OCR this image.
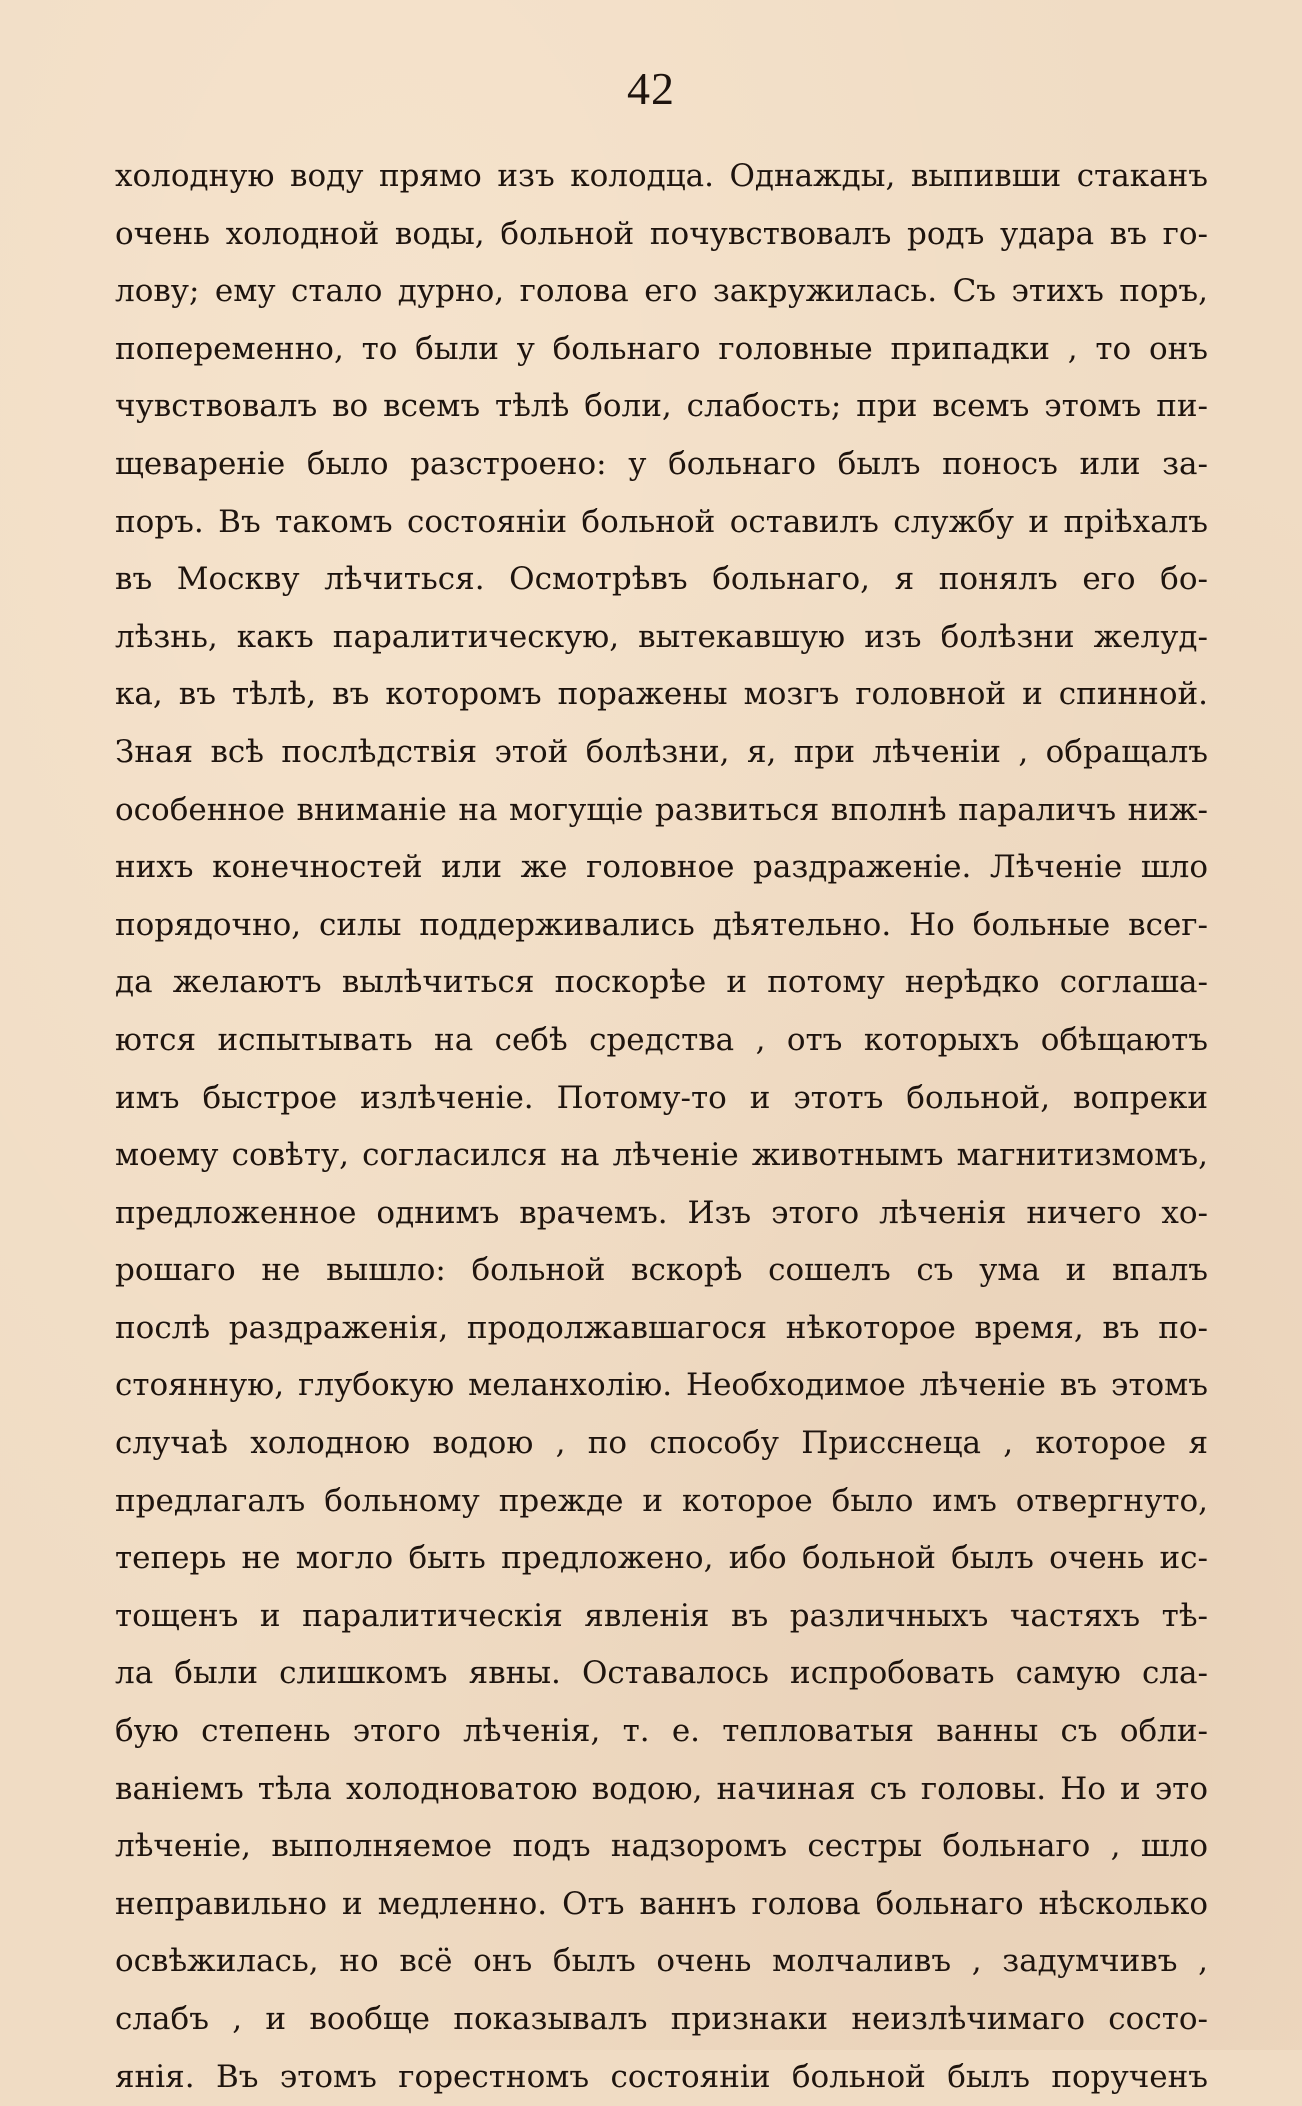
42
холодную воду прямо изъ колодца. Однажды, выпивши стаканъ
очень холодной воды, больной почувствовалъ родъ удара въ го-
лову; ему стало дурно, голова его закружилась. Съ этихъ поръ,
попеременно, то были у больнаго головные припадки , то онъ
чувствовалъ во всемъ тѣлѣ боли, слабость; при всемъ этомъ пи-
щевареніе было разстроено: у больнаго былъ поносъ или за-
поръ. Въ такомъ состояніи больной оставилъ службу и пріѣхалъ
въ Москву лѣчиться. Осмотрѣвъ больнаго, я понялъ его бо-
лѣзнь, какъ паралитическую, вытекавшую изъ болѣзни желуд-
ка, въ тѣлѣ, въ которомъ поражены мозгъ головной и спинной.
Зная всѣ послѣдствія этой болѣзни, я, при лѣченіи , обращалъ
особенное вниманіе на могущіе развиться вполнѣ параличъ ниж-
нихъ конечностей или же головное раздраженіе. Лѣченіе шло
порядочно, силы поддерживались дѣятельно. Но больные всег-
да желаютъ вылѣчиться поскорѣе и потому нерѣдко соглаша-
ются испытывать на себѣ средства , отъ которыхъ обѣщаютъ
имъ быстрое излѣченіе. Потому-то и этотъ больной, вопреки
моему совѣту, согласился на лѣченіе животнымъ магнитизмомъ,
предложенное однимъ врачемъ. Изъ этого лѣченія ничего хо-
рошаго не вышло: больной вскорѣ сошелъ съ ума и впалъ
послѣ раздраженія, продолжавшагося нѣкоторое время, въ по-
стоянную, глубокую меланхолію. Необходимое лѣченіе въ этомъ
случаѣ холодною водою , по способу Присснеца , которое я
предлагалъ больному прежде и которое было имъ отвергнуто,
теперь не могло быть предложено, ибо больной былъ очень ис-
тощенъ и паралитическія явленія въ различныхъ частяхъ тѣ-
ла были слишкомъ явны. Оставалось испробовать самую сла-
бую степень этого лѣченія, т. е. тепловатыя ванны съ обли-
ваніемъ тѣла холодноватою водою, начиная съ головы. Но и это
лѣченіе, выполняемое подъ надзоромъ сестры больнаго , шло
неправильно и медленно. Отъ ваннъ голова больнаго нѣсколько
освѣжилась, но всё онъ былъ очень молчаливъ , задумчивъ ,
слабъ , и вообще показывалъ признаки неизлѣчимаго состо-
янія. Въ этомъ горестномъ состояніи больной былъ порученъ
